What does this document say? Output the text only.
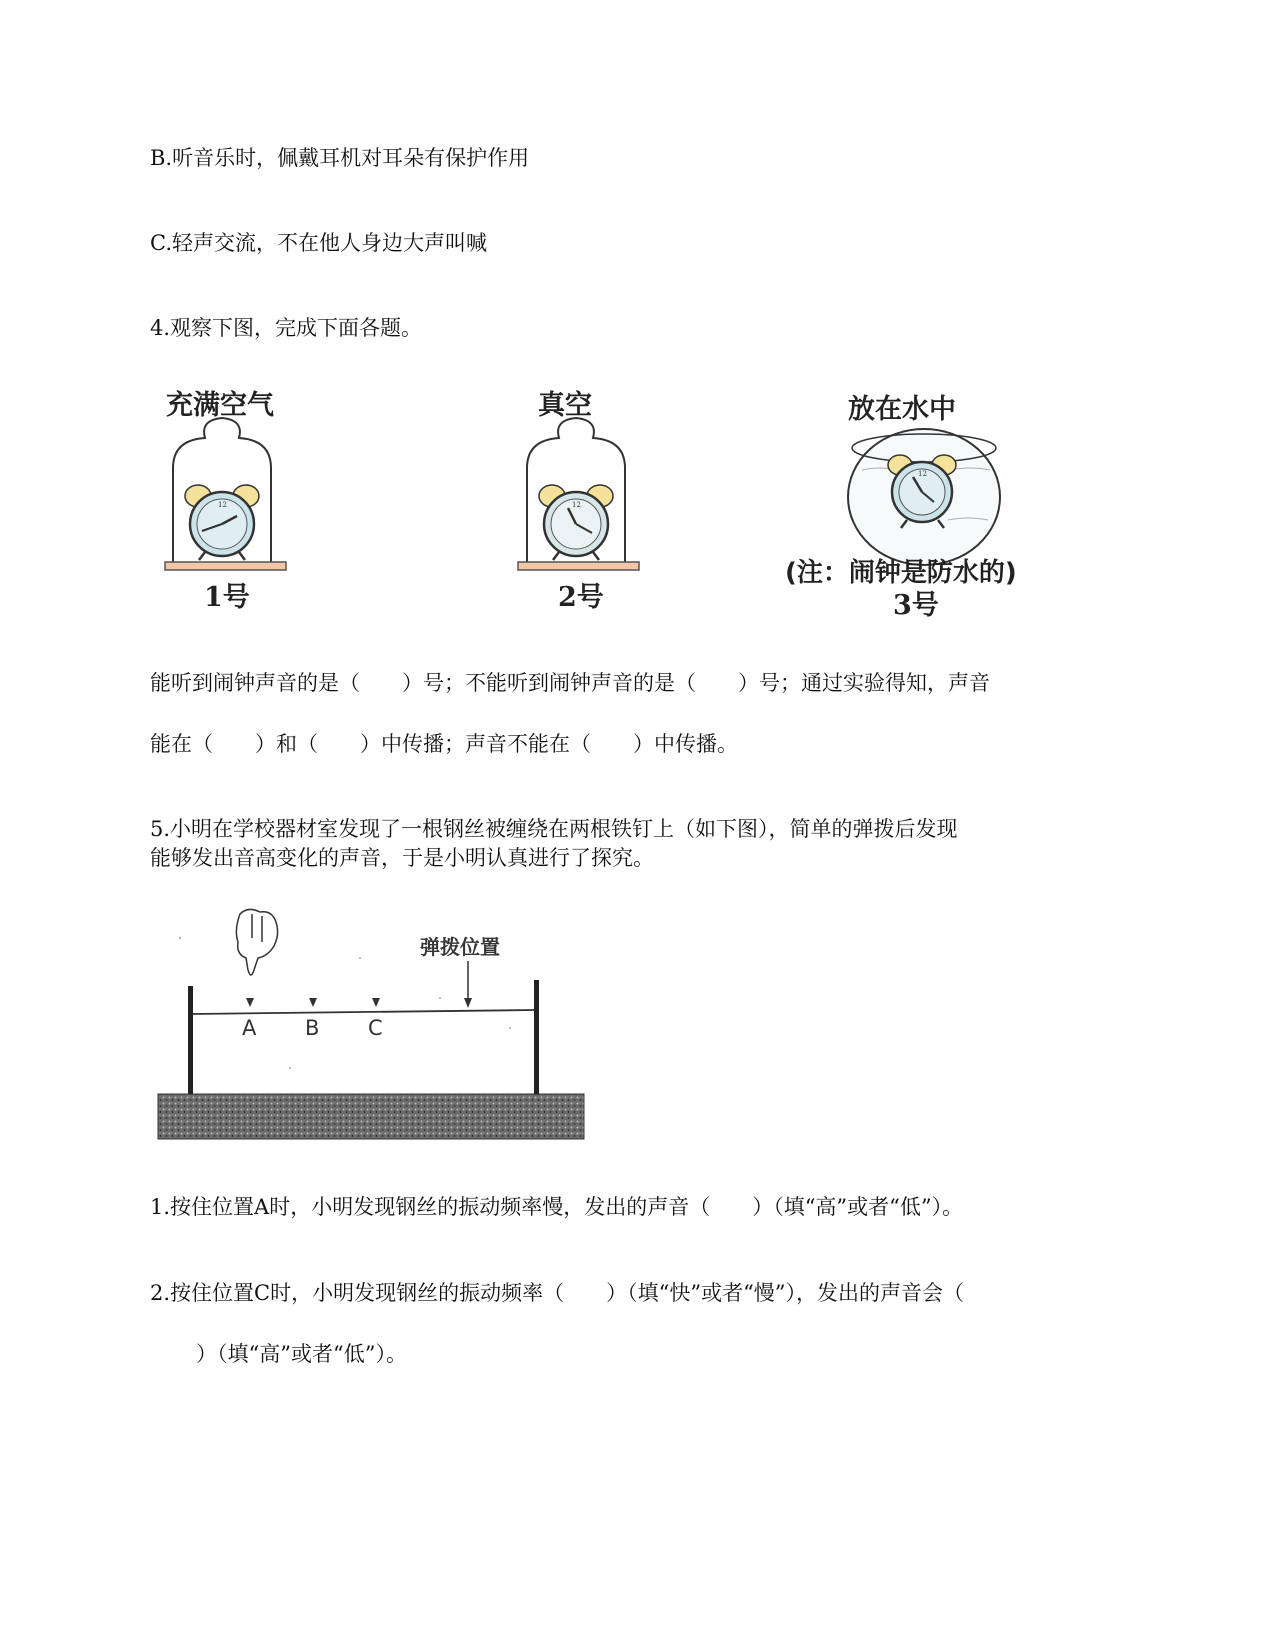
B.听音乐时，佩戴耳机对耳朵有保护作用
C.轻声交流，不在他人身边大声叫喊
4.观察下图，完成下面各题。
充满空气	真空	放在水中
12	12
12
1号	2号
(注：闹钟是防水的)
3号
能听到闹钟声音的是（　　）号；不能听到闹钟声音的是（　　）号；通过实验得知，声音
能在（　　）和（　　）中传播；声音不能在（　　）中传播。
5.小明在学校器材室发现了一根钢丝被缠绕在两根铁钉上（如下图），简单的弹拨后发现
能够发出音高变化的声音，于是小明认真进行了探究。
弹拨位置
A B C
1.按住位置A时，小明发现钢丝的振动频率慢，发出的声音（　　）（填“高”或者“低”）。
2.按住位置C时，小明发现钢丝的振动频率（　　）（填“快”或者“慢”），发出的声音会（
　）（填“高”或者“低”）。
